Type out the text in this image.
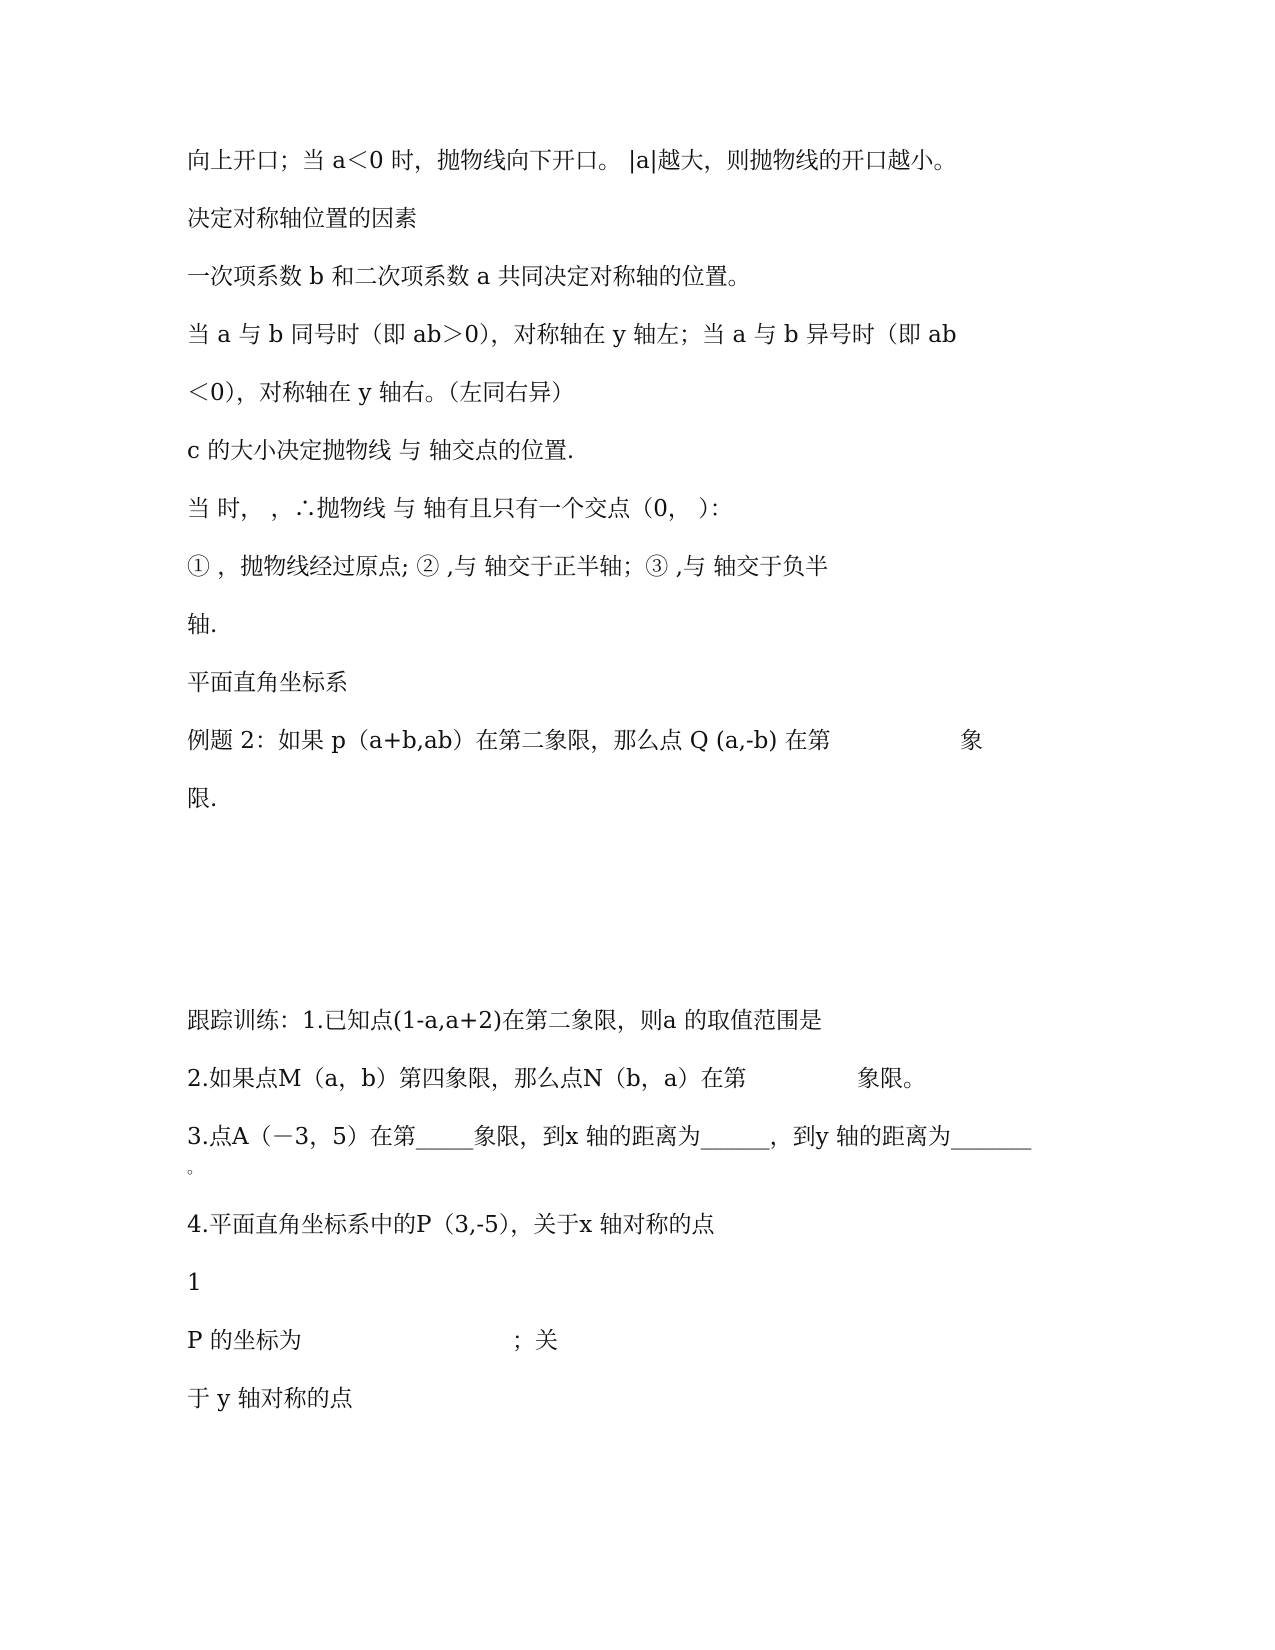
向上开口；当 a＜0 时，抛物线向下开口。 |a|越大，则抛物线的开口越小。
决定对称轴位置的因素
一次项系数 b 和二次项系数 a 共同决定对称轴的位置。
当 a 与 b 同号时（即 ab＞0），对称轴在 y 轴左；当 a 与 b 异号时（即 ab
＜0），对称轴在 y 轴右。（左同右异）
c 的大小决定抛物线 与 轴交点的位置.
当 时， ，∴抛物线 与 轴有且只有一个交点（0， ）：
① ，抛物线经过原点; ② ,与 轴交于正半轴；③ ,与 轴交于负半
轴.
平面直角坐标系
例题 2：如果 p（a+b,ab）在第二象限，那么点 Q (a,-b) 在第	象
限.
跟踪训练：1.已知点(1-a,a+2)在第二象限，则a 的取值范围是
2.如果点M（a，b）第四象限，那么点N（b，a）在第	象限。
3.点A（－3，5）在第_____象限，到x 轴的距离为______，到y 轴的距离为_______
。
4.平面直角坐标系中的P（3,-5），关于x 轴对称的点
1
P 的坐标为	；关
于 y 轴对称的点
